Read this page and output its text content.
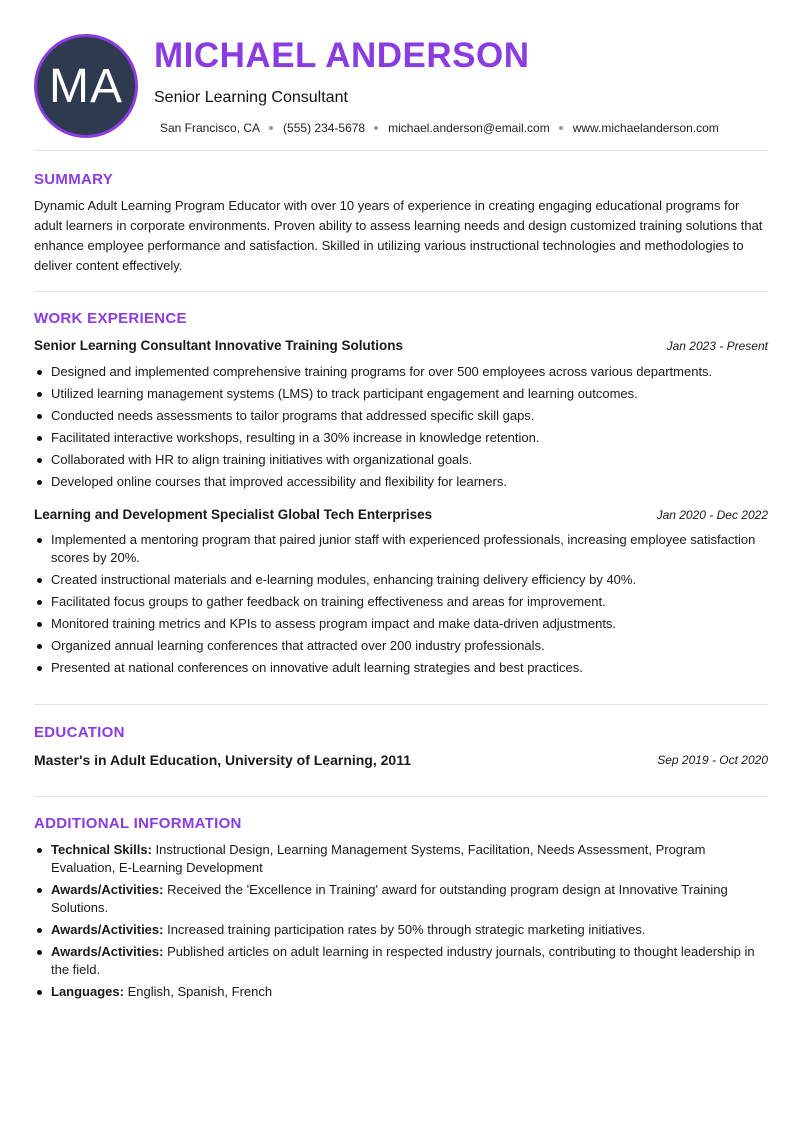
MA
MICHAEL ANDERSON
Senior Learning Consultant
San Francisco, CA (555) 234-5678 michael.anderson@email.com www.michaelanderson.com
SUMMARY
Dynamic Adult Learning Program Educator with over 10 years of experience in creating engaging educational programs for adult learners in corporate environments. Proven ability to assess learning needs and design customized training solutions that enhance employee performance and satisfaction. Skilled in utilizing various instructional technologies and methodologies to deliver content effectively.
WORK EXPERIENCE
Senior Learning Consultant Innovative Training Solutions	Jan 2023 - Present
Designed and implemented comprehensive training programs for over 500 employees across various departments.
Utilized learning management systems (LMS) to track participant engagement and learning outcomes.
Conducted needs assessments to tailor programs that addressed specific skill gaps.
Facilitated interactive workshops, resulting in a 30% increase in knowledge retention.
Collaborated with HR to align training initiatives with organizational goals.
Developed online courses that improved accessibility and flexibility for learners.
Learning and Development Specialist Global Tech Enterprises	Jan 2020 - Dec 2022
Implemented a mentoring program that paired junior staff with experienced professionals, increasing employee satisfaction scores by 20%.
Created instructional materials and e-learning modules, enhancing training delivery efficiency by 40%.
Facilitated focus groups to gather feedback on training effectiveness and areas for improvement.
Monitored training metrics and KPIs to assess program impact and make data-driven adjustments.
Organized annual learning conferences that attracted over 200 industry professionals.
Presented at national conferences on innovative adult learning strategies and best practices.
EDUCATION
Master's in Adult Education, University of Learning, 2011	Sep 2019 - Oct 2020
ADDITIONAL INFORMATION
Technical Skills: Instructional Design, Learning Management Systems, Facilitation, Needs Assessment, Program Evaluation, E-Learning Development
Awards/Activities: Received the 'Excellence in Training' award for outstanding program design at Innovative Training Solutions.
Awards/Activities: Increased training participation rates by 50% through strategic marketing initiatives.
Awards/Activities: Published articles on adult learning in respected industry journals, contributing to thought leadership in the field.
Languages: English, Spanish, French
